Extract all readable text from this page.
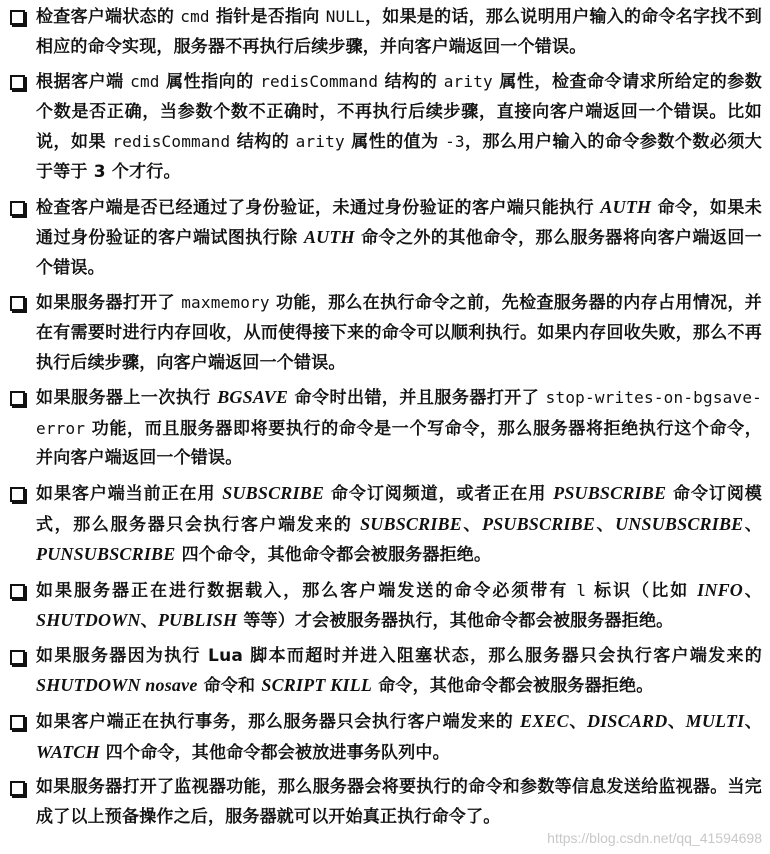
检查客户端状态的 cmd 指针是否指向 NULL，如果是的话，那么说明用户输入的命令名字找不到相应的命令实现，服务器不再执行后续步骤，并向客户端返回一个错误。
根据客户端 cmd 属性指向的 redisCommand 结构的 arity 属性，检查命令请求所给定的参数个数是否正确，当参数个数不正确时，不再执行后续步骤，直接向客户端返回一个错误。比如说，如果 redisCommand 结构的 arity 属性的值为 -3，那么用户输入的命令参数个数必须大于等于 3 个才行。
检查客户端是否已经通过了身份验证，未通过身份验证的客户端只能执行 AUTH 命令，如果未通过身份验证的客户端试图执行除 AUTH 命令之外的其他命令，那么服务器将向客户端返回一个错误。
如果服务器打开了 maxmemory 功能，那么在执行命令之前，先检查服务器的内存占用情况，并在有需要时进行内存回收，从而使得接下来的命令可以顺利执行。如果内存回收失败，那么不再执行后续步骤，向客户端返回一个错误。
如果服务器上一次执行 BGSAVE 命令时出错，并且服务器打开了 stop-writes-on-bgsave-error 功能，而且服务器即将要执行的命令是一个写命令，那么服务器将拒绝执行这个命令，并向客户端返回一个错误。
如果客户端当前正在用 SUBSCRIBE 命令订阅频道，或者正在用 PSUBSCRIBE 命令订阅模式，那么服务器只会执行客户端发来的 SUBSCRIBE、PSUBSCRIBE、UNSUBSCRIBE、PUNSUBSCRIBE 四个命令，其他命令都会被服务器拒绝。
如果服务器正在进行数据载入，那么客户端发送的命令必须带有 l 标识（比如 INFO、SHUTDOWN、PUBLISH 等等）才会被服务器执行，其他命令都会被服务器拒绝。
如果服务器因为执行 Lua 脚本而超时并进入阻塞状态，那么服务器只会执行客户端发来的 SHUTDOWN nosave 命令和 SCRIPT KILL 命令，其他命令都会被服务器拒绝。
如果客户端正在执行事务，那么服务器只会执行客户端发来的 EXEC、DISCARD、MULTI、WATCH 四个命令，其他命令都会被放进事务队列中。
如果服务器打开了监视器功能，那么服务器会将要执行的命令和参数等信息发送给监视器。当完成了以上预备操作之后，服务器就可以开始真正执行命令了。
https://blog.csdn.net/qq_41594698
